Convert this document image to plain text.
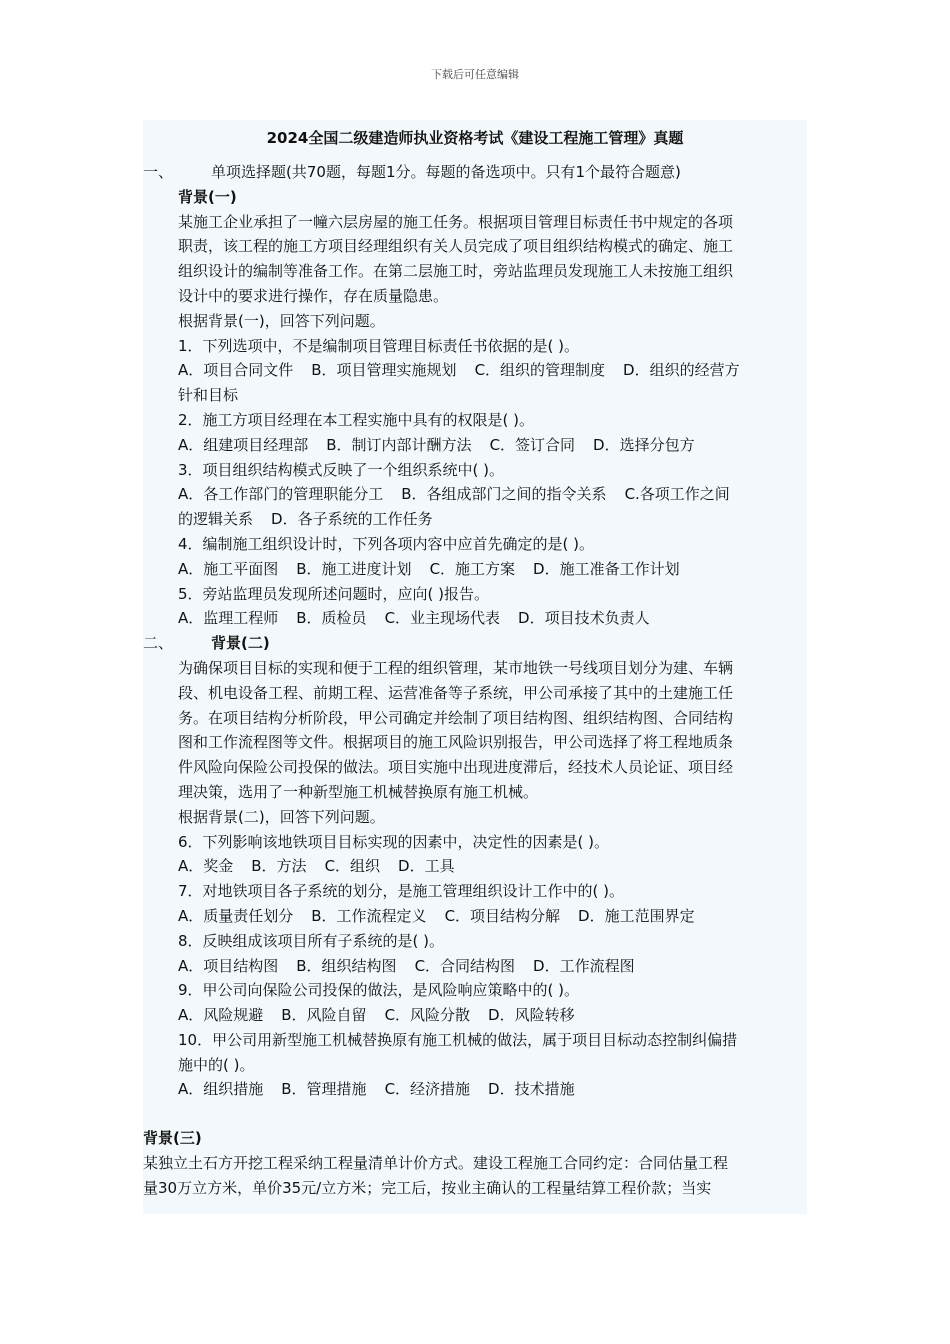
下载后可任意编辑
2024全国二级建造师执业资格考试《建设工程施工管理》真题
一、	单项选择题(共70题，每题1分。每题的备选项中。只有1个最符合题意)
背景(一)
某施工企业承担了一幢六层房屋的施工任务。根据项目管理目标责任书中规定的各项
职责，该工程的施工方项目经理组织有关人员完成了项目组织结构模式的确定、施工
组织设计的编制等准备工作。在第二层施工时，旁站监理员发现施工人未按施工组织
设计中的要求进行操作，存在质量隐患。
根据背景(一)，回答下列问题。
1．下列选项中，不是编制项目管理目标责任书依据的是( )。
A．项目合同文件 B．项目管理实施规划 C．组织的管理制度 D．组织的经营方
针和目标
2．施工方项目经理在本工程实施中具有的权限是( )。
A．组建项目经理部 B．制订内部计酬方法 C．签订合同 D．选择分包方
3．项目组织结构模式反映了一个组织系统中( )。
A．各工作部门的管理职能分工 B．各组成部门之间的指令关系 C.各项工作之间
的逻辑关系 D．各子系统的工作任务
4．编制施工组织设计时，下列各项内容中应首先确定的是( )。
A．施工平面图 B．施工进度计划 C．施工方案 D．施工准备工作计划
5．旁站监理员发现所述问题时，应向( )报告。
A．监理工程师 B．质检员 C．业主现场代表 D．项目技术负责人
二、	背景(二)
为确保项目目标的实现和便于工程的组织管理，某市地铁一号线项目划分为建、车辆
段、机电设备工程、前期工程、运营准备等子系统，甲公司承接了其中的土建施工任
务。在项目结构分析阶段，甲公司确定并绘制了项目结构图、组织结构图、合同结构
图和工作流程图等文件。根据项目的施工风险识别报告，甲公司选择了将工程地质条
件风险向保险公司投保的做法。项目实施中出现进度滞后，经技术人员论证、项目经
理决策，选用了一种新型施工机械替换原有施工机械。
根据背景(二)，回答下列问题。
6．下列影响该地铁项目目标实现的因素中，决定性的因素是( )。
A．奖金 B．方法 C．组织 D．工具
7．对地铁项目各子系统的划分，是施工管理组织设计工作中的( )。
A．质量责任划分 B．工作流程定义 C．项目结构分解 D．施工范围界定
8．反映组成该项目所有子系统的是( )。
A．项目结构图 B．组织结构图 C．合同结构图 D．工作流程图
9．甲公司向保险公司投保的做法，是风险响应策略中的( )。
A．风险规避 B．风险自留 C．风险分散 D．风险转移
10．甲公司用新型施工机械替换原有施工机械的做法，属于项目目标动态控制纠偏措
施中的( )。
A．组织措施 B．管理措施 C．经济措施 D．技术措施
背景(三)
某独立土石方开挖工程采纳工程量清单计价方式。建设工程施工合同约定：合同估量工程
量30万立方米，单价35元/立方米；完工后，按业主确认的工程量结算工程价款；当实
